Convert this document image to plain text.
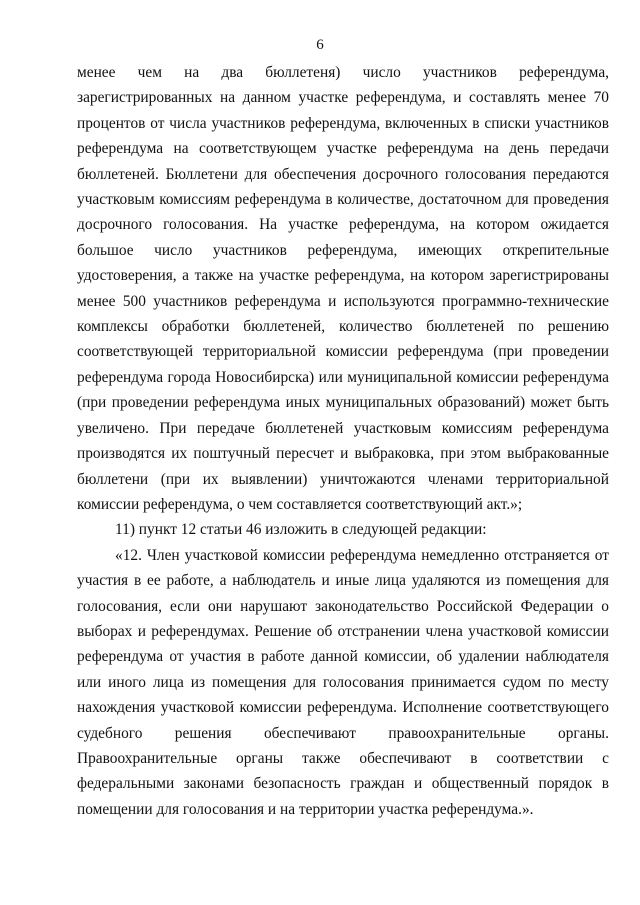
6

менее чем на два бюллетеня) число участников референдума, зарегистрированных на данном участке референдума, и составлять менее 70 процентов от числа участников референдума, включенных в списки участников референдума на соответствующем участке референдума на день передачи бюллетеней. Бюллетени для обеспечения досрочного голосования передаются участковым комиссиям референдума в количестве, достаточном для проведения досрочного голосования. На участке референдума, на котором ожидается большое число участников референдума, имеющих открепительные удостоверения, а также на участке референдума, на котором зарегистрированы менее 500 участников референдума и используются программно-технические комплексы обработки бюллетеней, количество бюллетеней по решению соответствующей территориальной комиссии референдума (при проведении референдума города Новосибирска) или муниципальной комиссии референдума (при проведении референдума иных муниципальных образований) может быть увеличено. При передаче бюллетеней участковым комиссиям референдума производятся их поштучный пересчет и выбраковка, при этом выбракованные бюллетени (при их выявлении) уничтожаются членами территориальной комиссии референдума, о чем составляется соответствующий акт.»;

11) пункт 12 статьи 46 изложить в следующей редакции:

«12. Член участковой комиссии референдума немедленно отстраняется от участия в ее работе, а наблюдатель и иные лица удаляются из помещения для голосования, если они нарушают законодательство Российской Федерации о выборах и референдумах. Решение об отстранении члена участковой комиссии референдума от участия в работе данной комиссии, об удалении наблюдателя или иного лица из помещения для голосования принимается судом по месту нахождения участковой комиссии референдума. Исполнение соответствующего судебного решения обеспечивают правоохранительные органы. Правоохранительные органы также обеспечивают в соответствии с федеральными законами безопасность граждан и общественный порядок в помещении для голосования и на территории участка референдума.».
